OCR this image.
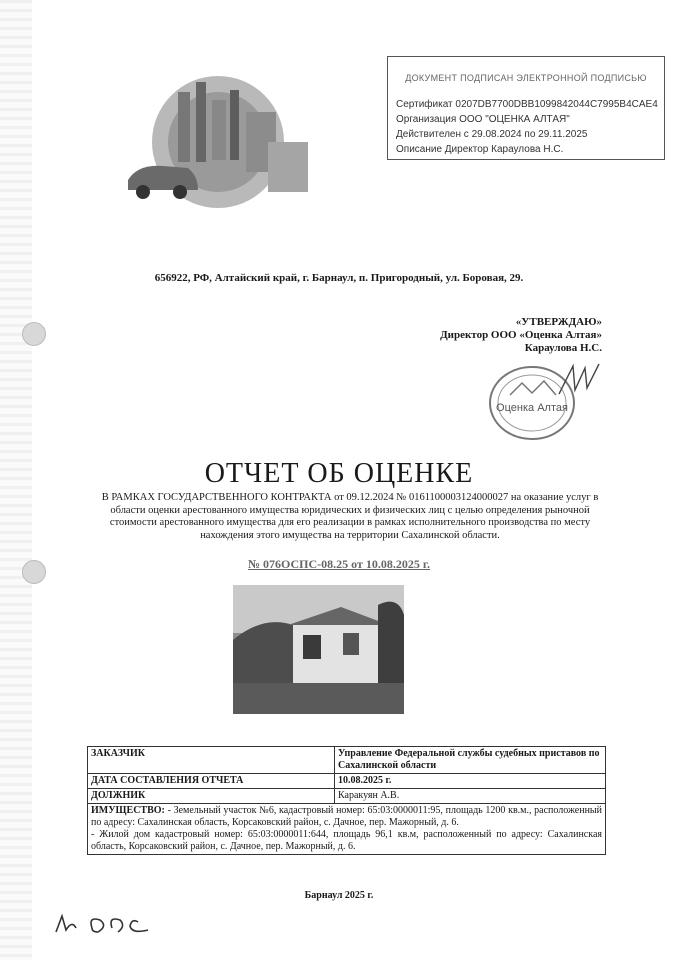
ДОКУМЕНТ ПОДПИСАН ЭЛЕКТРОННОЙ ПОДПИСЬЮ
Сертификат 0207DB7700DBB1099842044C7995B4CAE4
Организация ООО "ОЦЕНКА АЛТАЯ"
Действителен с 29.08.2024 по 29.11.2025
Описание Директор Караулова Н.С.
656922, РФ, Алтайский край, г. Барнаул, п. Пригородный, ул. Боровая, 29.
«УТВЕРЖДАЮ»
Директор ООО «Оценка Алтая»
Караулова Н.С.
Оценка Алтая
ОТЧЕТ ОБ ОЦЕНКЕ
В РАМКАХ ГОСУДАРСТВЕННОГО КОНТРАКТА от 09.12.2024 № 0161100003124000027 на оказание услуг в области оценки арестованного имущества юридических и физических лиц с целью определения рыночной стоимости арестованного имущества для его реализации в рамках исполнительного производства по месту нахождения этого имущества на территории Сахалинской области.
№ 076ОСПС-08.25 от 10.08.2025 г.
ЗАКАЗЧИК	Управление Федеральной службы судебных приставов по Сахалинской области
ДАТА СОСТАВЛЕНИЯ ОТЧЕТА	10.08.2025 г.
ДОЛЖНИК	Каракуян А.В.
ИМУЩЕСТВО: - Земельный участок №6, кадастровый номер: 65:03:0000011:95, площадь 1200 кв.м., расположенный по адресу: Сахалинская область, Корсаковский район, с. Дачное, пер. Мажорный, д. 6.
- Жилой дом кадастровый номер: 65:03:0000011:644, площадь 96,1 кв.м, расположенный по адресу: Сахалинская область, Корсаковский район, с. Дачное, пер. Мажорный, д. 6.	
Барнаул 2025 г.
